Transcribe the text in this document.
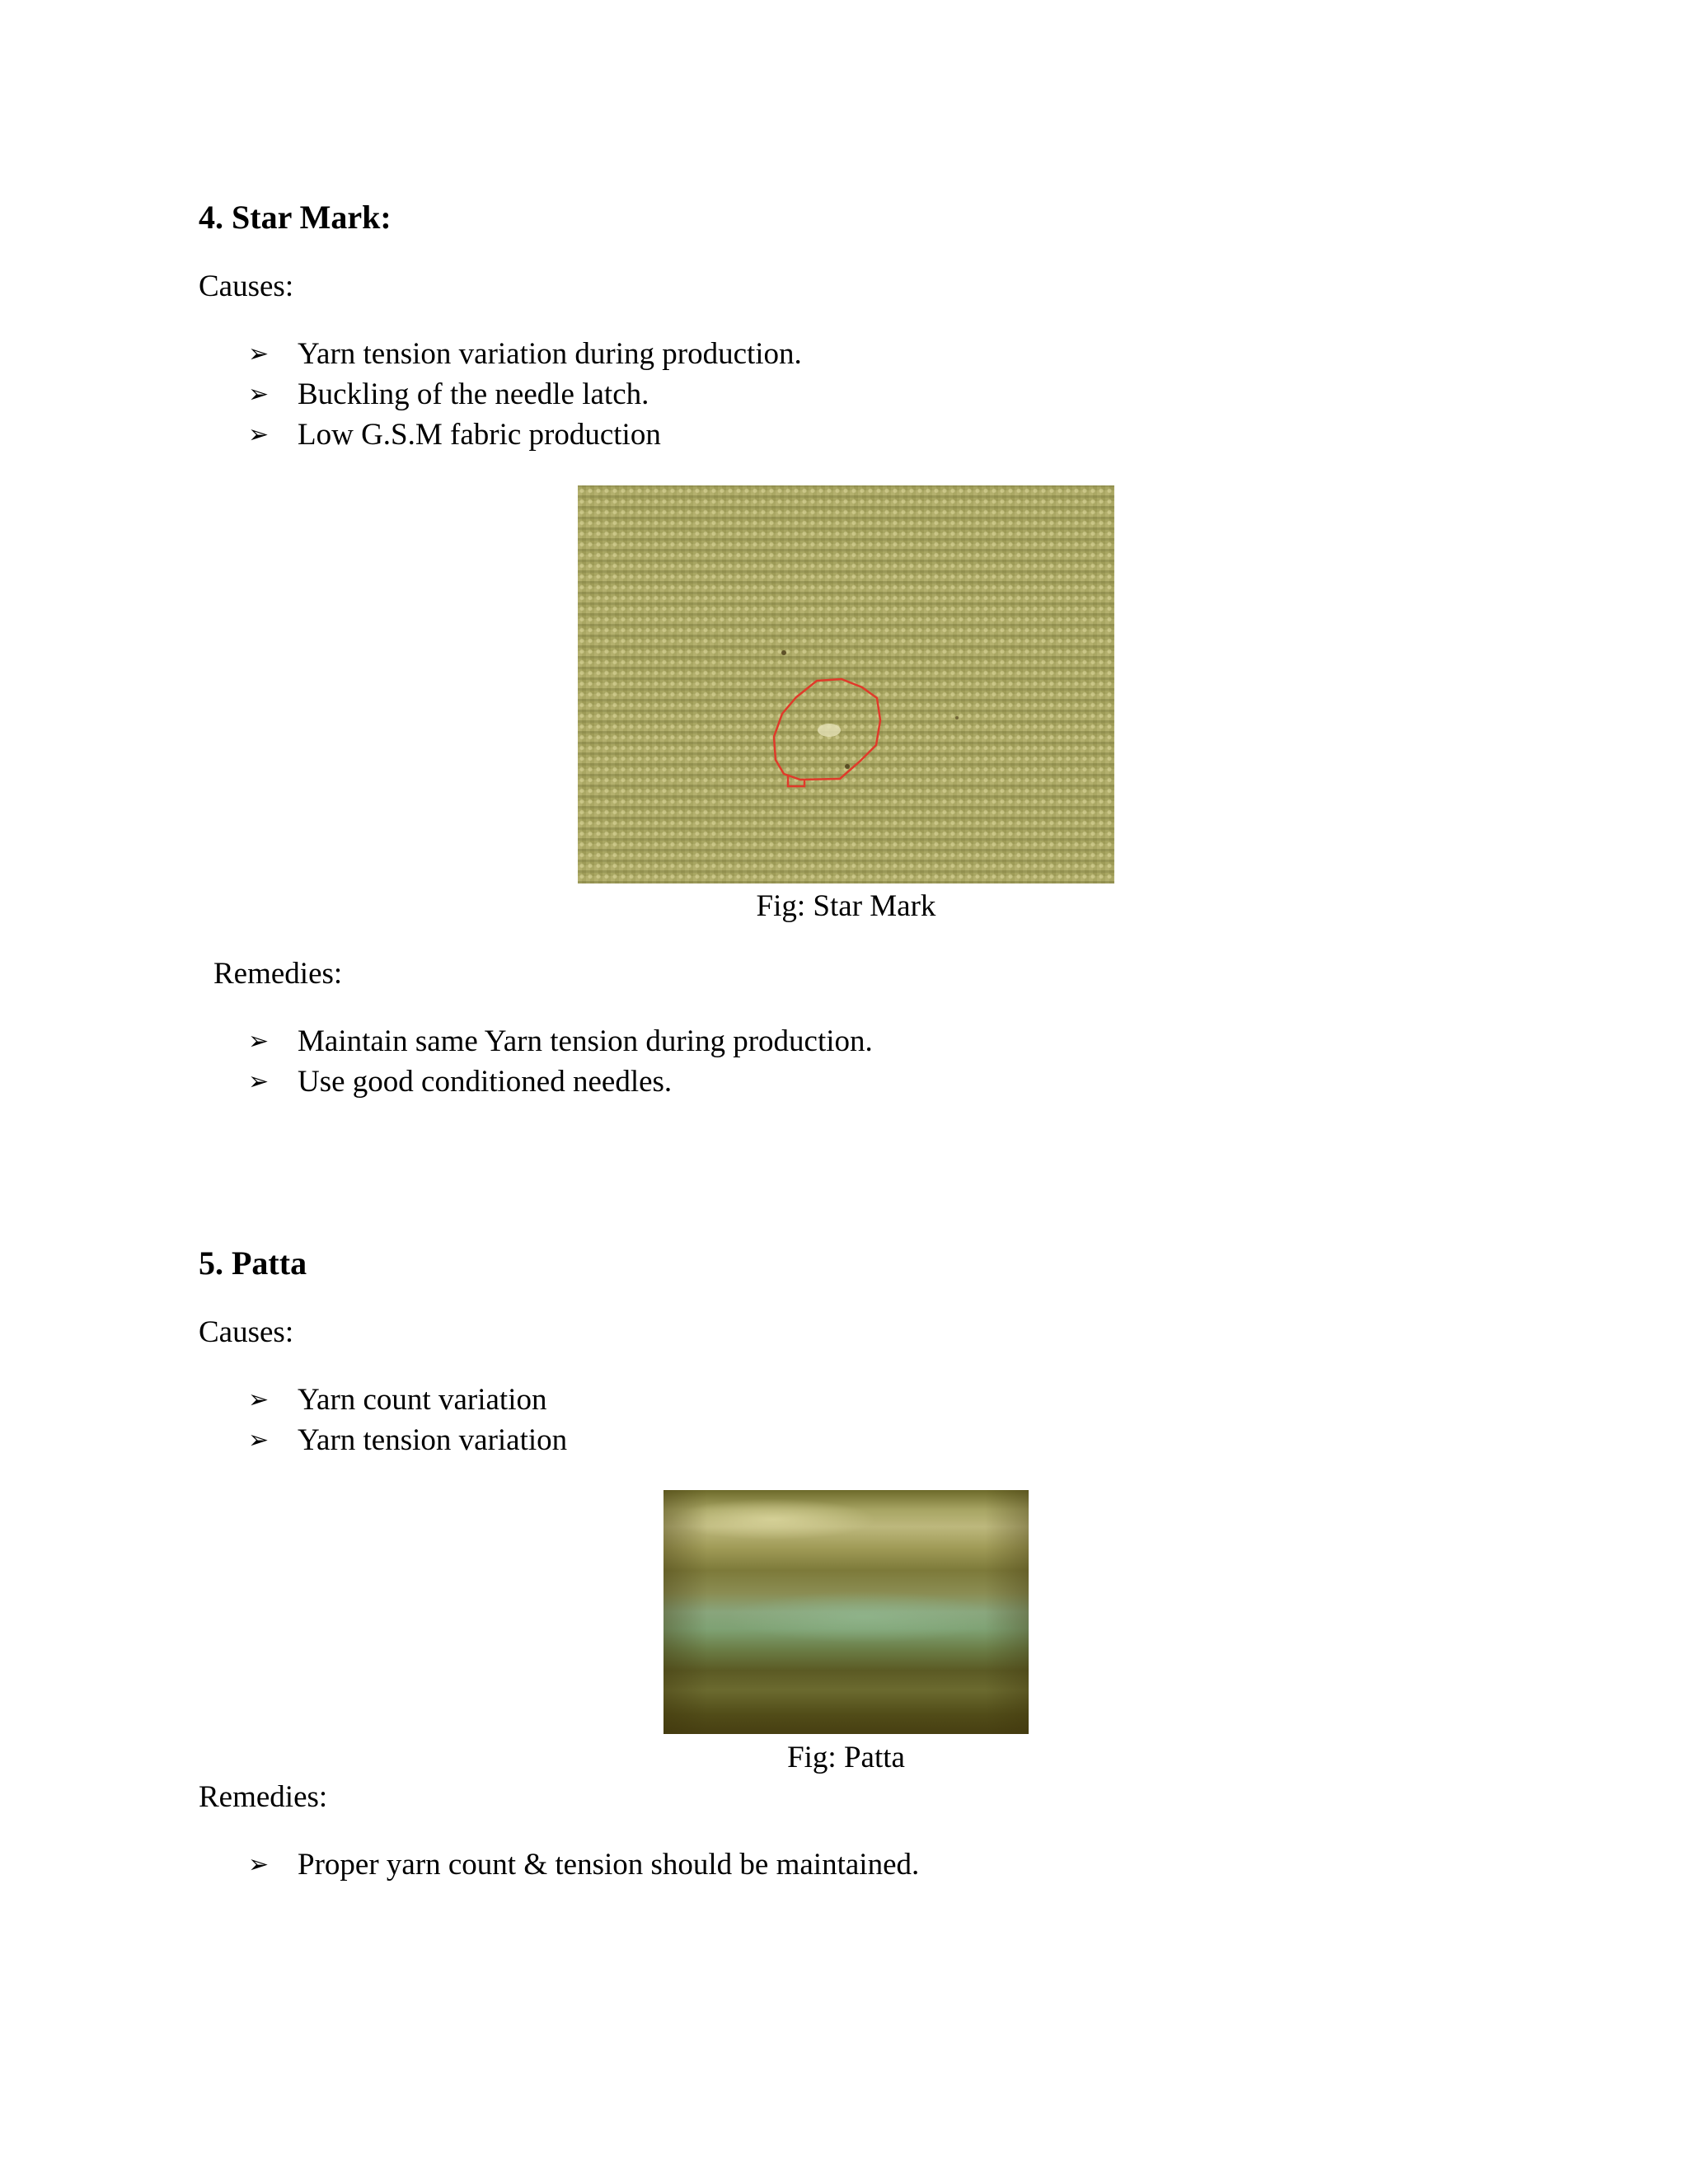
4. Star Mark:
Causes:
➢ Yarn tension variation during production.
➢ Buckling of the needle latch.
➢ Low G.S.M fabric production
Fig: Star Mark
Remedies:
➢ Maintain same Yarn tension during production.
➢ Use good conditioned needles.
5. Patta
Causes:
➢ Yarn count variation
➢ Yarn tension variation
Fig: Patta
Remedies:
➢ Proper yarn count & tension should be maintained.
